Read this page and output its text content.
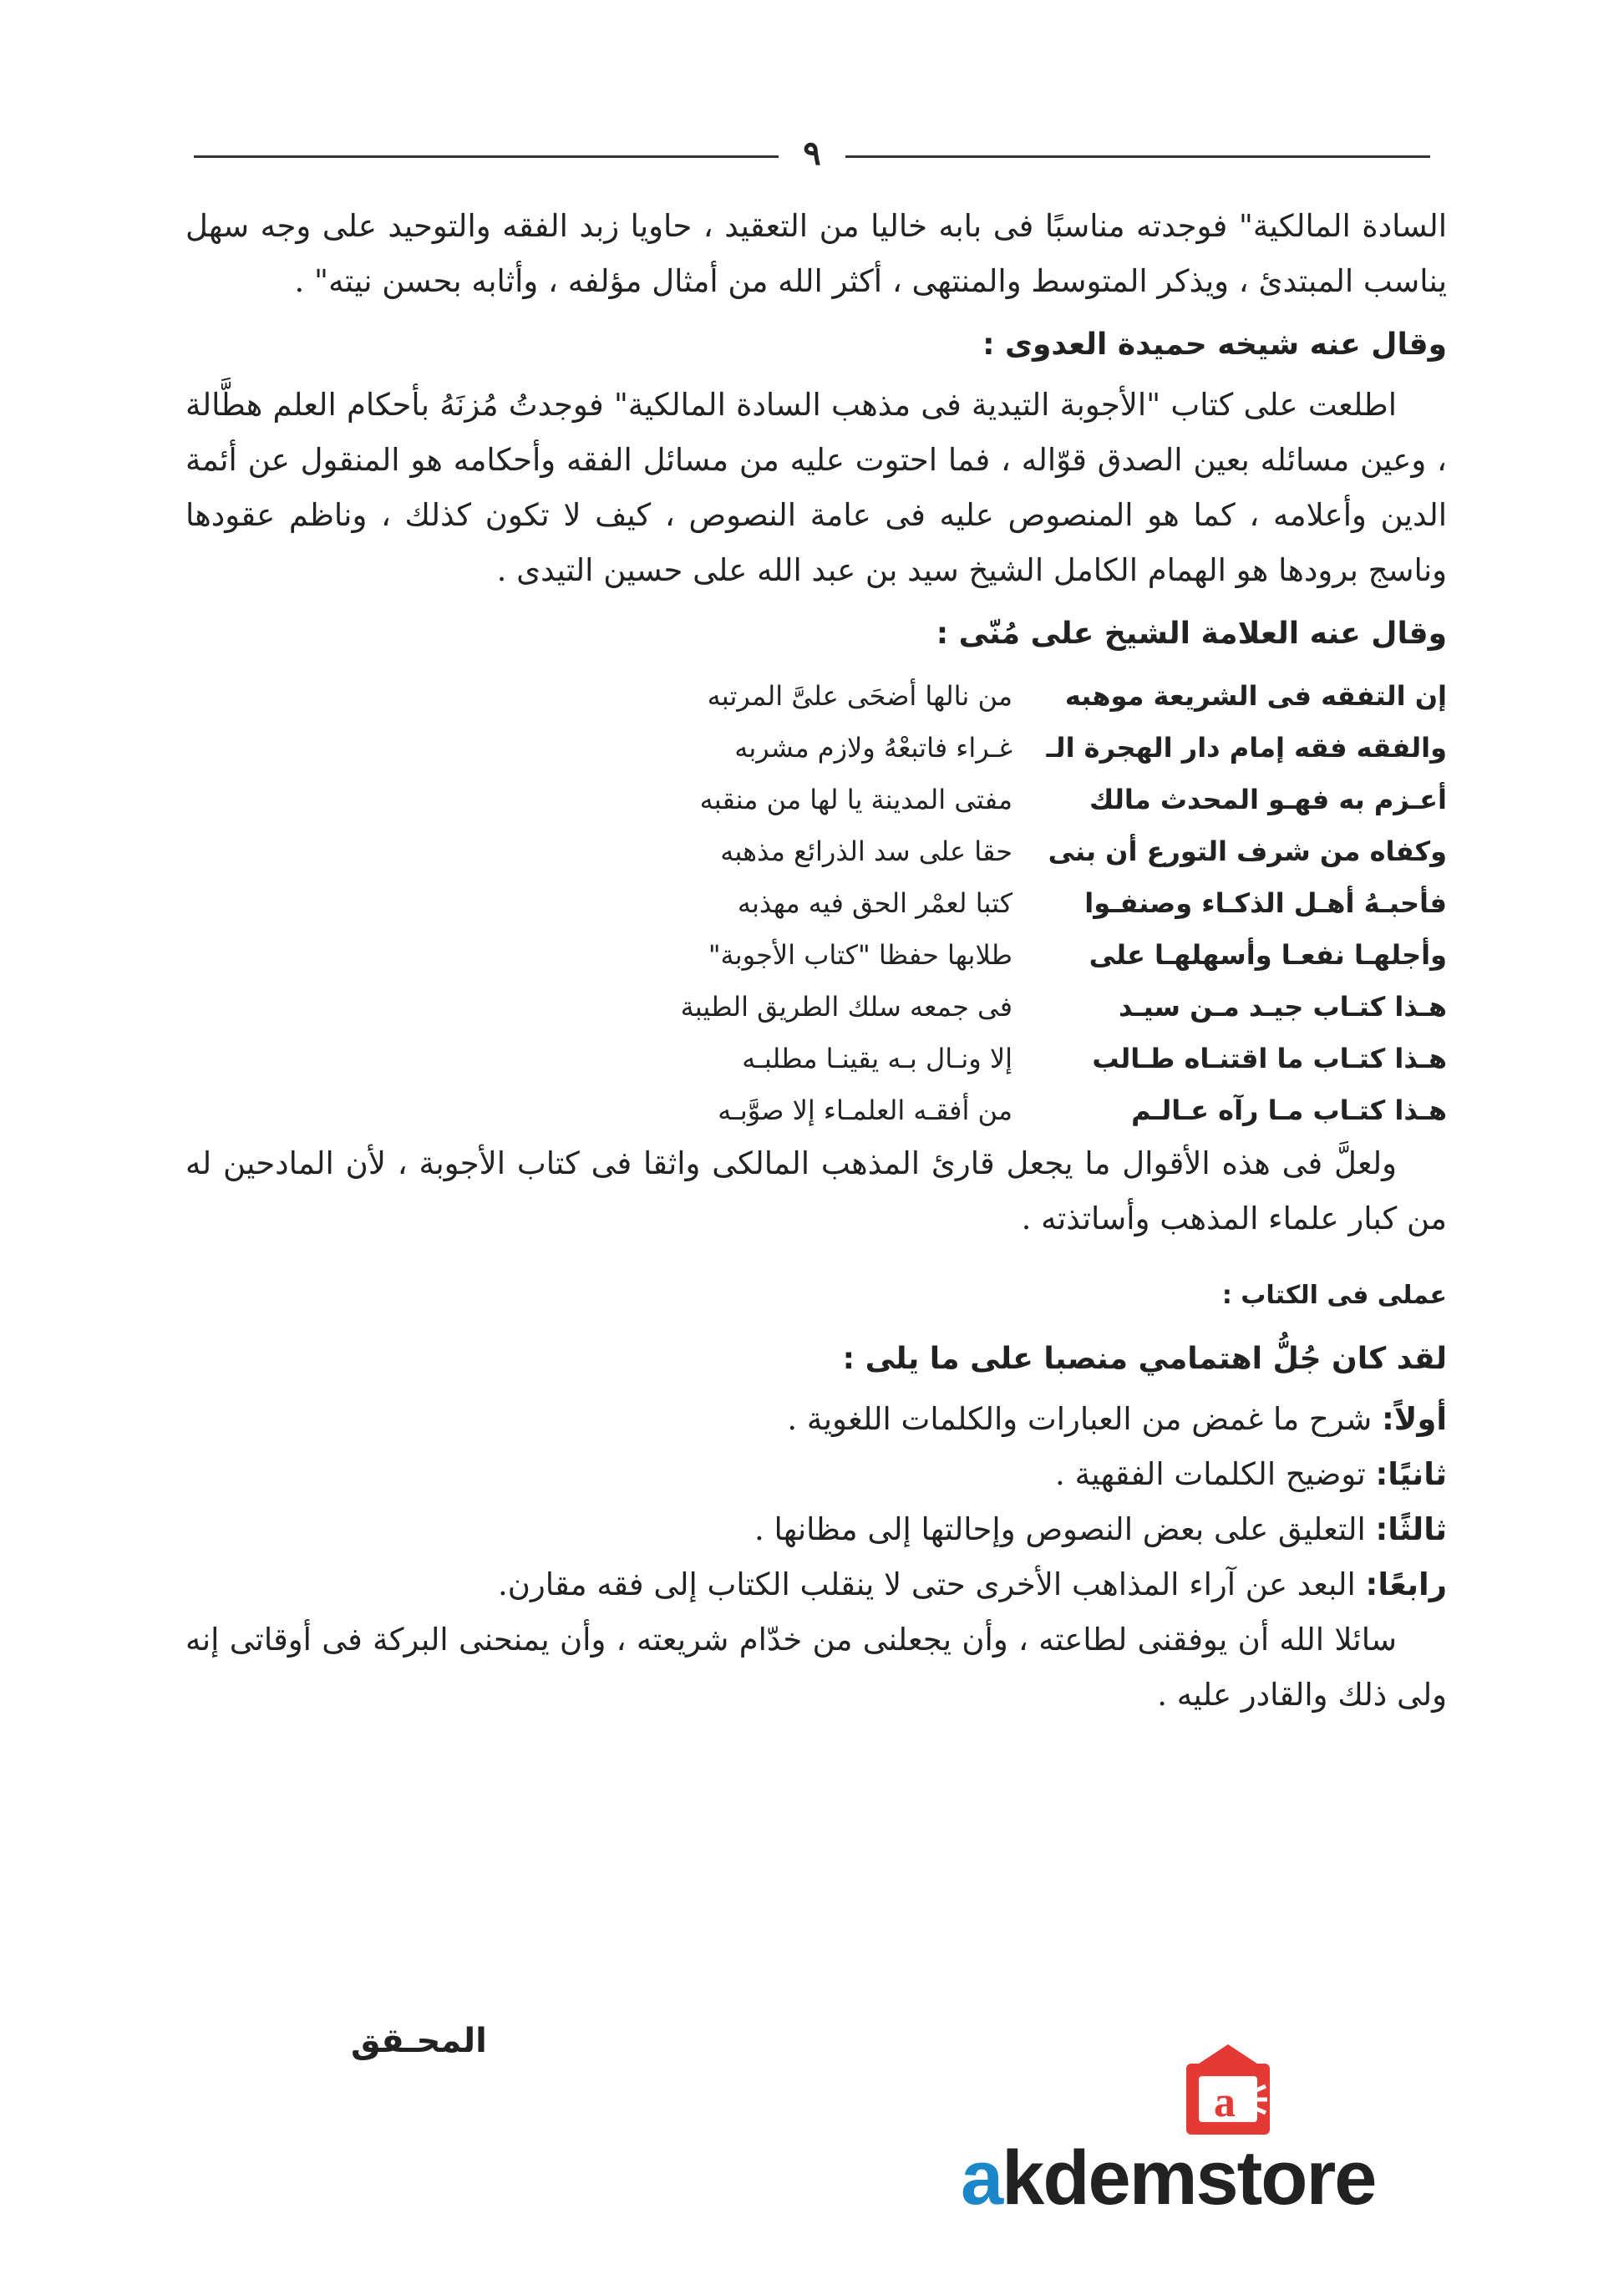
٩

السادة المالكية" فوجدته مناسبًا فى بابه خاليا من التعقيد ، حاويا زبد الفقه والتوحيد على وجه سهل يناسب المبتدئ ، ويذكر المتوسط والمنتهى ، أكثر الله من أمثال مؤلفه ، وأثابه بحسن نيته" .

وقال عنه شيخه حميدة العدوى :

اطلعت على كتاب "الأجوبة التيدية فى مذهب السادة المالكية" فوجدتُ مُزنَهُ بأحكام العلم هطَّالة ، وعين مسائله بعين الصدق قوّاله ، فما احتوت عليه من مسائل الفقه وأحكامه هو المنقول عن أئمة الدين وأعلامه ، كما هو المنصوص عليه فى عامة النصوص ، كيف لا تكون كذلك ، وناظم عقودها وناسج برودها هو الهمام الكامل الشيخ سيد بن عبد الله على حسين التيدى .

وقال عنه العلامة الشيخ على مُنّى :

إن التفقه فى الشريعة موهبه
من نالها أضحَى علىَّ المرتبه
والفقه فقه إمام دار الهجرة الـ
غـراء فاتبعْهُ ولازم مشربه
أعـزم به فهـو المحدث مالك
مفتى المدينة يا لها من منقبه
وكفاه من شرف التورع أن بنى
حقا على سد الذرائع مذهبه
فأحبـهُ أهـل الذكـاء وصنفـوا
كتبا لعمْر الحق فيه مهذبه
وأجلهـا نفعـا وأسهلهـا على
طلابها حفظا "كتاب الأجوبة"
هـذا كتـاب جيـد مـن سيـد
فى جمعه سلك الطريق الطيبة
هـذا كتـاب ما اقتنـاه طـالب
إلا ونـال بـه يقينـا مطلبـه
هـذا كتـاب مـا رآه عـالـم
من أفقـه العلمـاء إلا صوَّبـه

ولعلَّ فى هذه الأقوال ما يجعل قارئ المذهب المالكى واثقا فى كتاب الأجوبة ، لأن المادحين له من كبار علماء المذهب وأساتذته .

عملى فى الكتاب :

لقد كان جُلُّ اهتمامي منصبا على ما يلى :

أولاً: شرح ما غمض من العبارات والكلمات اللغوية .

ثانيًا: توضيح الكلمات الفقهية .

ثالثًا: التعليق على بعض النصوص وإحالتها إلى مظانها .

رابعًا: البعد عن آراء المذاهب الأخرى حتى لا ينقلب الكتاب إلى فقه مقارن.

سائلا الله أن يوفقنى لطاعته ، وأن يجعلنى من خدّام شريعته ، وأن يمنحنى البركة فى أوقاتى إنه ولى ذلك والقادر عليه .

المحـقق
a
akdemstore
